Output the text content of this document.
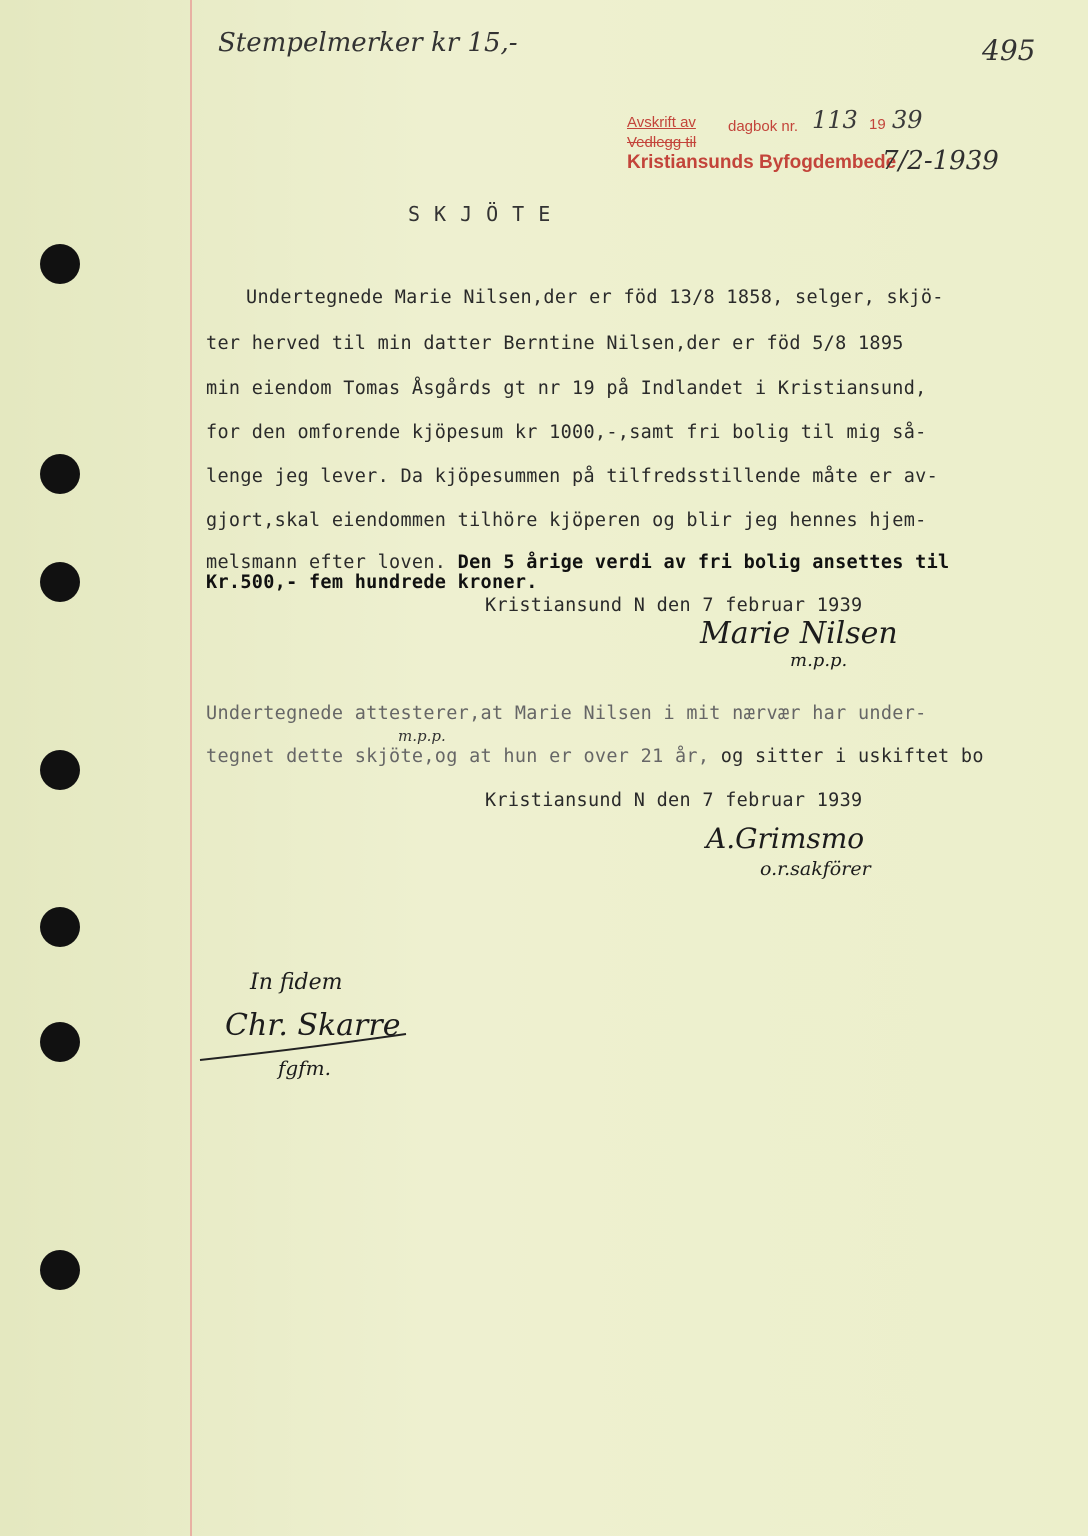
Stempelmerker kr 15,-	495
Avskrift av dagbok nr. 113 19 39
Vedlegg til
Kristiansunds Byfogdembede
7/2-1939
SKJÖTE
Undertegnede Marie Nilsen,der er föd 13/8 1858, selger, skjö-
ter herved til min datter Berntine Nilsen,der er föd 5/8 1895
min eiendom Tomas Åsgårds gt nr 19 på Indlandet i Kristiansund,
for den omforende kjöpesum kr 1000,-,samt fri bolig til mig så-
lenge jeg lever. Da kjöpesummen på tilfredsstillende måte er av-
gjort,skal eiendommen tilhöre kjöperen og blir jeg hennes hjem-
melsmann efter loven. Den 5 årige verdi av fri bolig ansettes til
Kr.500,- fem hundrede kroner.
Kristiansund N den 7 februar 1939
Marie Nilsen
m.p.p.
Undertegnede attesterer,at Marie Nilsen i mit nærvær har under-
m.p.p.
tegnet dette skjöte,og at hun er over 21 år, og sitter i uskiftet bo
Kristiansund N den 7 februar 1939
A.Grimsmo
o.r.sakförer
In fidem
Chr. Skarre
fgfm.
